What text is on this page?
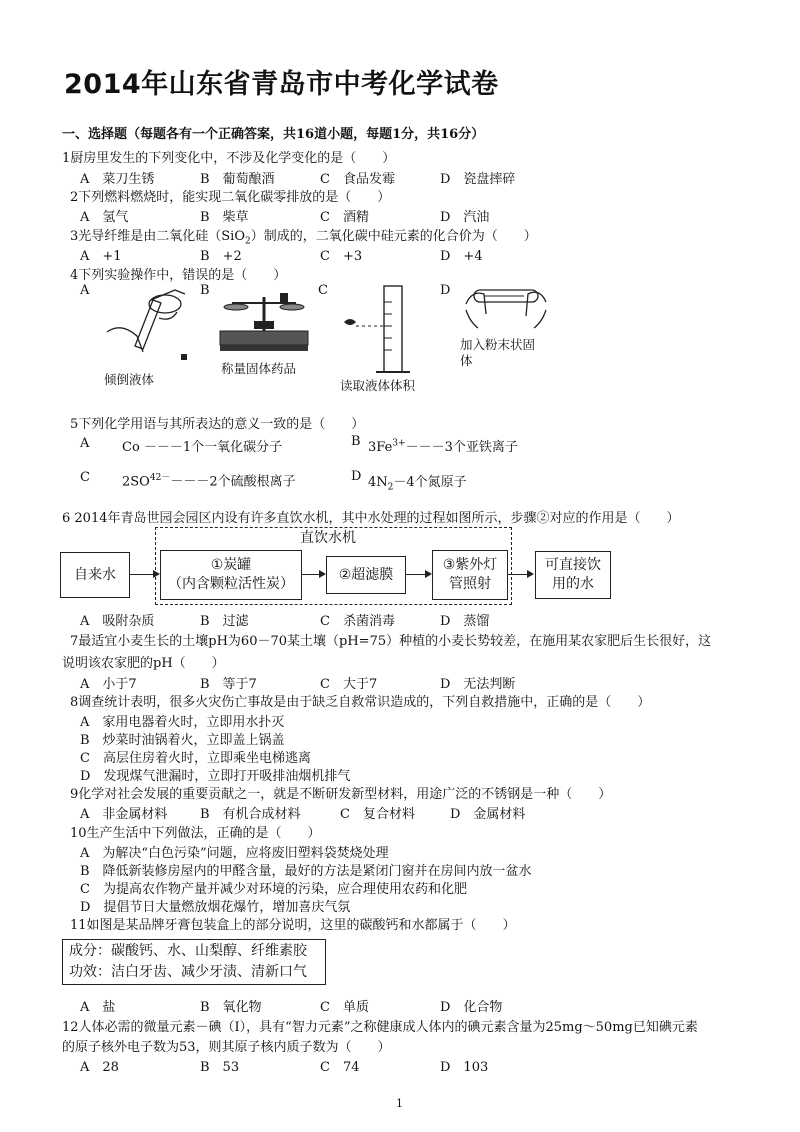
2014年山东省青岛市中考化学试卷
一、选择题（每题各有一个正确答案，共16道小题，每题1分，共16分）
1厨房里发生的下列变化中，不涉及化学变化的是（　　）
A　菜刀生锈	B　葡萄酿酒	C　食品发霉	D　瓷盘摔碎
2下列燃料燃烧时，能实现二氧化碳零排放的是（　　）
A　氢气	B　柴草	C　酒精	D　汽油
3光导纤维是由二氧化硅（SiO$_2$）制成的，二氧化碳中硅元素的化合价为（　　）
A　+1	B　+2	C　+3	D　+4
4下列实验操作中，错误的是（　　）
A	B	C	D
倾倒液体
称量固体药品
读取液体体积
加入粉末状固体
5下列化学用语与其所表达的意义一致的是（　　）
A	Co －－－1个一氧化碳分子	B $3Fe^{3+}---3$个亚铁离子
C $2SO^{42-}---2$个硫酸根离子	D $4N_2-4$个氮原子
6 2014年青岛世园会园区内设有许多直饮水机，其中水处理的过程如图所示，步骤②对应的作用是（　　）
直饮水机
自来水
①炭罐
（内含颗粒活性炭）
②超滤膜
③紫外灯
管照射
可直接饮
用的水
A　吸附杂质	B　过滤	C　杀菌消毒	D　蒸馏
7最适宜小麦生长的土壤pH为60－70某土壤（pH=75）种植的小麦长势较差，在施用某农家肥后生长很好，这
说明该农家肥的pH（　　）
A　小于7	B　等于7	C　大于7	D　无法判断
8调查统计表明，很多火灾伤亡事故是由于缺乏自救常识造成的，下列自救措施中，正确的是（　　）
A　家用电器着火时，立即用水扑灭
B　炒菜时油锅着火，立即盖上锅盖
C　高层住房着火时，立即乘坐电梯逃离
D　发现煤气泄漏时，立即打开吸排油烟机排气
9化学对社会发展的重要贡献之一，就是不断研发新型材料，用途广泛的不锈钢是一种（　　）
A　非金属材料	B　有机合成材料	C　复合材料	D　金属材料
10生产生活中下列做法，正确的是（　　）
A　为解决“白色污染”问题，应将废旧塑料袋焚烧处理
B　降低新装修房屋内的甲醛含量，最好的方法是紧闭门窗并在房间内放一盆水
C　为提高农作物产量并减少对环境的污染，应合理使用农药和化肥
D　提倡节日大量燃放烟花爆竹，增加喜庆气氛
11如图是某品牌牙膏包装盒上的部分说明，这里的碳酸钙和水都属于（　　）
成分：碳酸钙、水、山梨醇、纤维素胶
功效：洁白牙齿、减少牙渍、清新口气
A　盐	B　氧化物	C　单质	D　化合物
12人体必需的微量元素－碘（I），具有“智力元素”之称健康成人体内的碘元素含量为25mg～50mg已知碘元素
的原子核外电子数为53，则其原子核内质子数为（　　）
A　28	B　53	C　74	D　103
1
